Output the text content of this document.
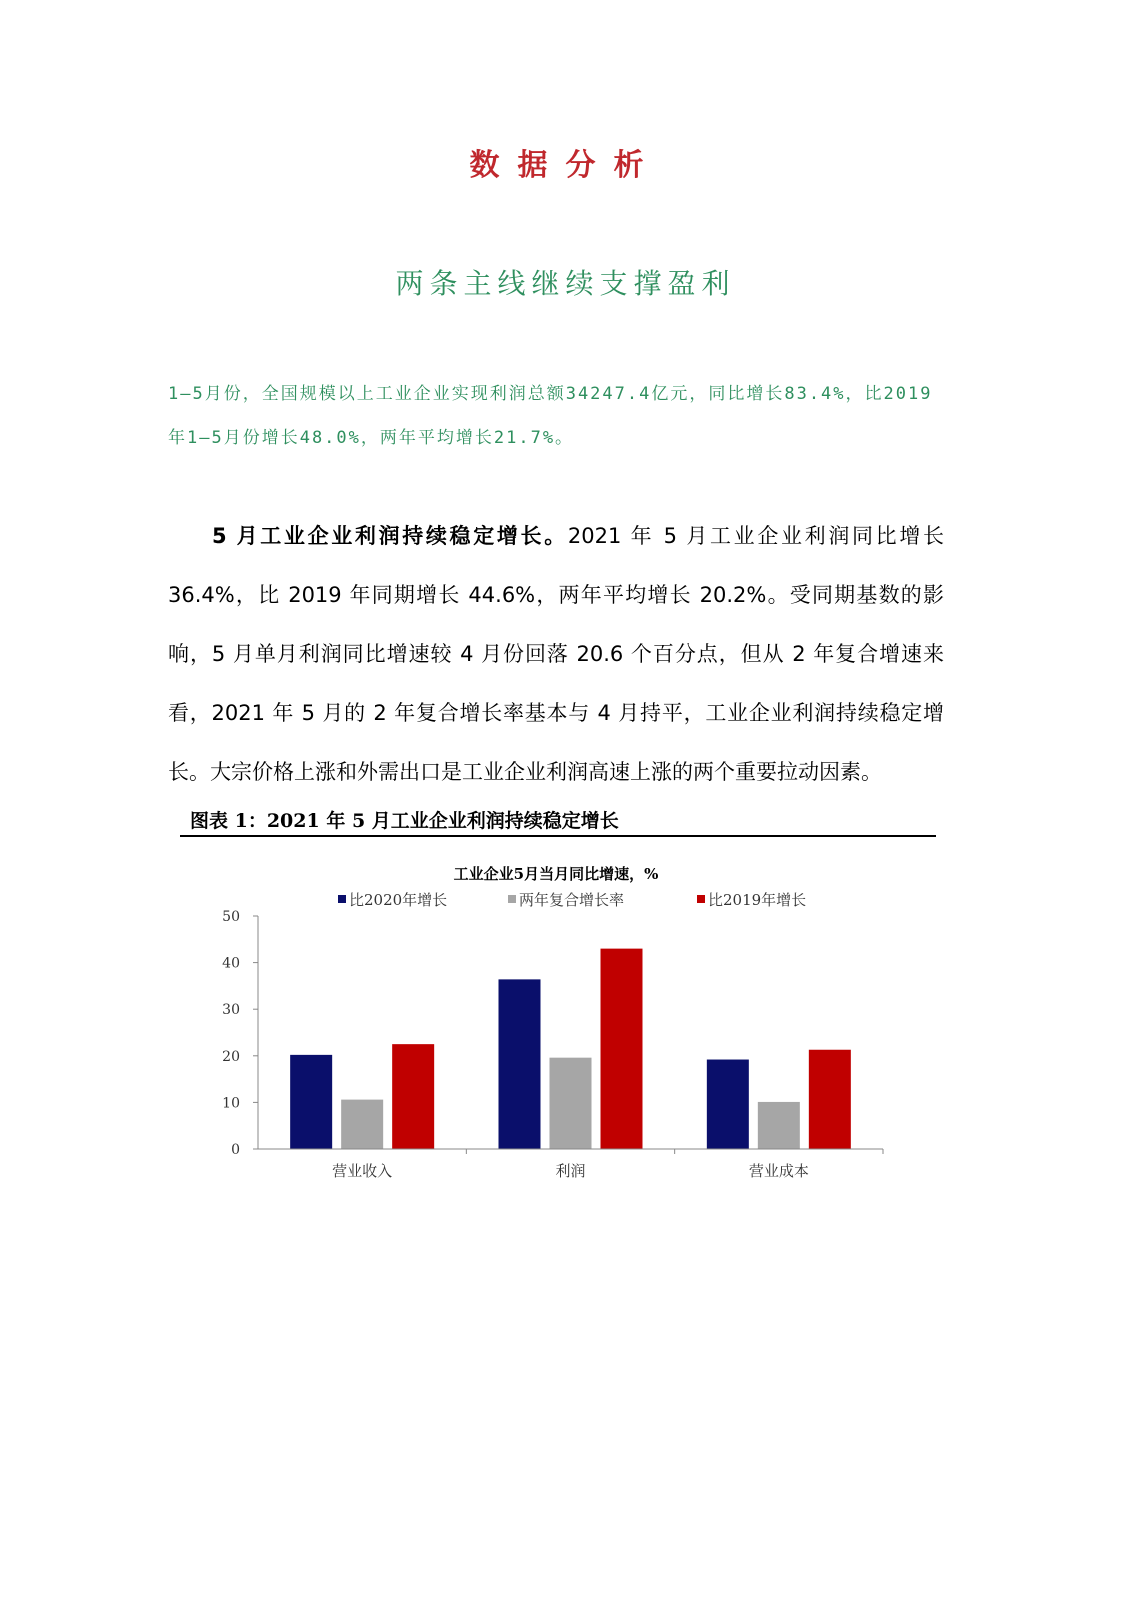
数据分析
两条主线继续支撑盈利

1—5月份，全国规模以上工业企业实现利润总额34247.4亿元，同比增长83.4%，比2019年1—5月份增长48.0%，两年平均增长21.7%。

5 月工业企业利润持续稳定增长。2021 年 5 月工业企业利润同比增长 36.4%，比 2019 年同期增长 44.6%，两年平均增长 20.2%。受同期基数的影响，5 月单月利润同比增速较 4 月份回落 20.6 个百分点，但从 2 年复合增速来看，2021 年 5 月的 2 年复合增长率基本与 4 月持平，工业企业利润持续稳定增长。大宗价格上涨和外需出口是工业企业利润高速上涨的两个重要拉动因素。

图表 1：2021 年 5 月工业企业利润持续稳定增长
工业企业5月当月同比增速，%
比2020年增长	两年复合增长率	比2019年增长
0
10
20
30
40
50
营业收入	利润	营业成本
